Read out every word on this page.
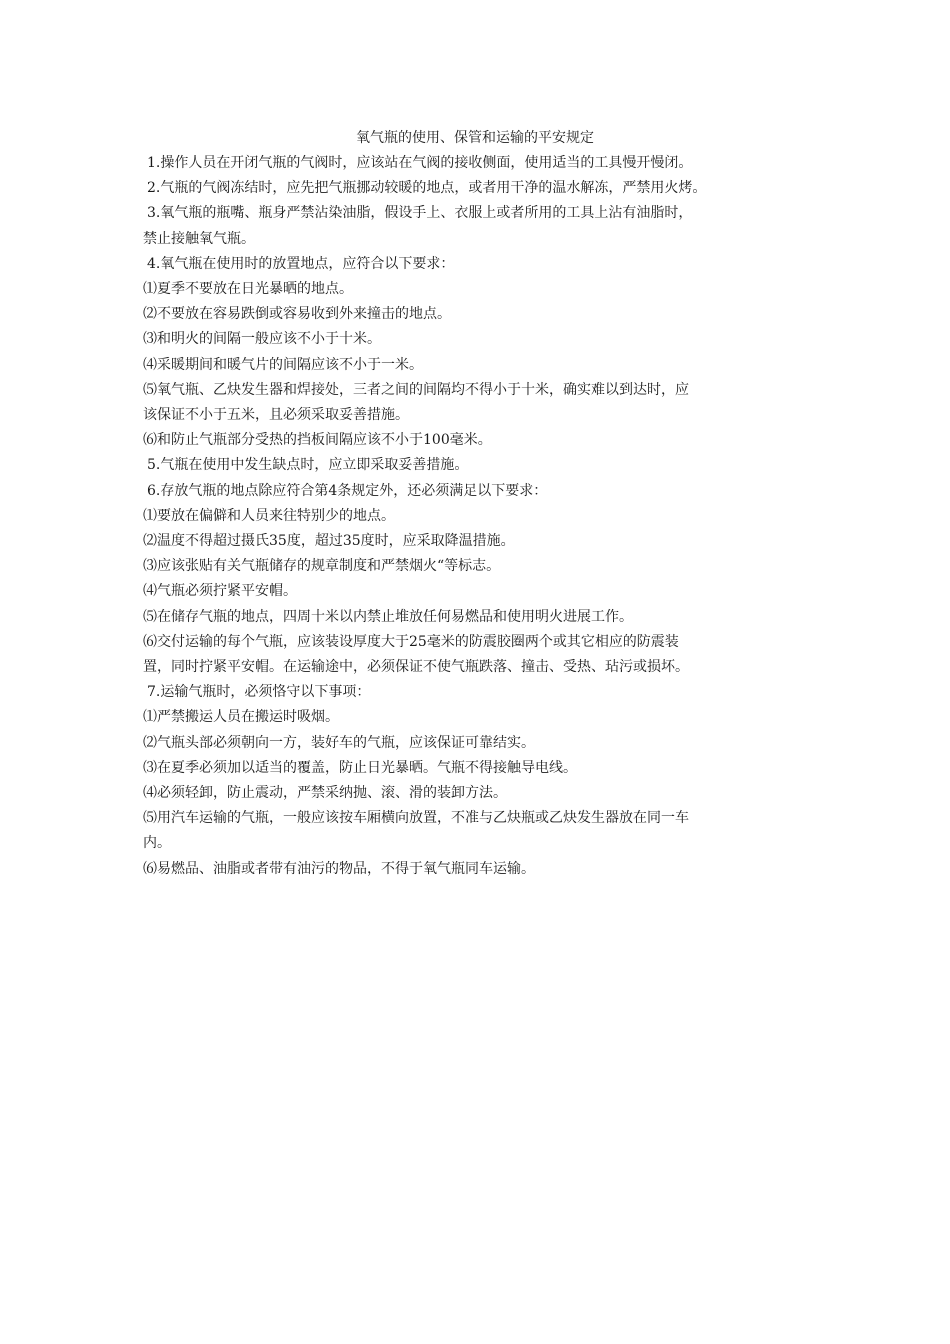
氧气瓶的使用、保管和运输的平安规定
1.操作人员在开闭气瓶的气阀时，应该站在气阀的接收侧面，使用适当的工具慢开慢闭。
2.气瓶的气阀冻结时，应先把气瓶挪动较暖的地点，或者用干净的温水解冻，严禁用火烤。
3.氧气瓶的瓶嘴、瓶身严禁沾染油脂，假设手上、衣服上或者所用的工具上沾有油脂时，
禁止接触氧气瓶。
4.氧气瓶在使用时的放置地点，应符合以下要求：
⑴夏季不要放在日光暴晒的地点。
⑵不要放在容易跌倒或容易收到外来撞击的地点。
⑶和明火的间隔一般应该不小于十米。
⑷采暖期间和暖气片的间隔应该不小于一米。
⑸氧气瓶、乙炔发生器和焊接处，三者之间的间隔均不得小于十米，确实难以到达时，应
该保证不小于五米，且必须采取妥善措施。
⑹和防止气瓶部分受热的挡板间隔应该不小于100毫米。
5.气瓶在使用中发生缺点时，应立即采取妥善措施。
6.存放气瓶的地点除应符合第4条规定外，还必须满足以下要求：
⑴要放在偏僻和人员来往特别少的地点。
⑵温度不得超过摄氏35度，超过35度时，应采取降温措施。
⑶应该张贴有关气瓶储存的规章制度和严禁烟火“等标志。
⑷气瓶必须拧紧平安帽。
⑸在储存气瓶的地点，四周十米以内禁止堆放任何易燃品和使用明火进展工作。
⑹交付运输的每个气瓶，应该装设厚度大于25毫米的防震胶圈两个或其它相应的防震装
置，同时拧紧平安帽。在运输途中，必须保证不使气瓶跌落、撞击、受热、玷污或损坏。
7.运输气瓶时，必须恪守以下事项：
⑴严禁搬运人员在搬运时吸烟。
⑵气瓶头部必须朝向一方，装好车的气瓶，应该保证可靠结实。
⑶在夏季必须加以适当的覆盖，防止日光暴晒。气瓶不得接触导电线。
⑷必须轻卸，防止震动，严禁采纳抛、滚、滑的装卸方法。
⑸用汽车运输的气瓶，一般应该按车厢横向放置，不准与乙炔瓶或乙炔发生器放在同一车
内。
⑹易燃品、油脂或者带有油污的物品，不得于氧气瓶同车运输。
